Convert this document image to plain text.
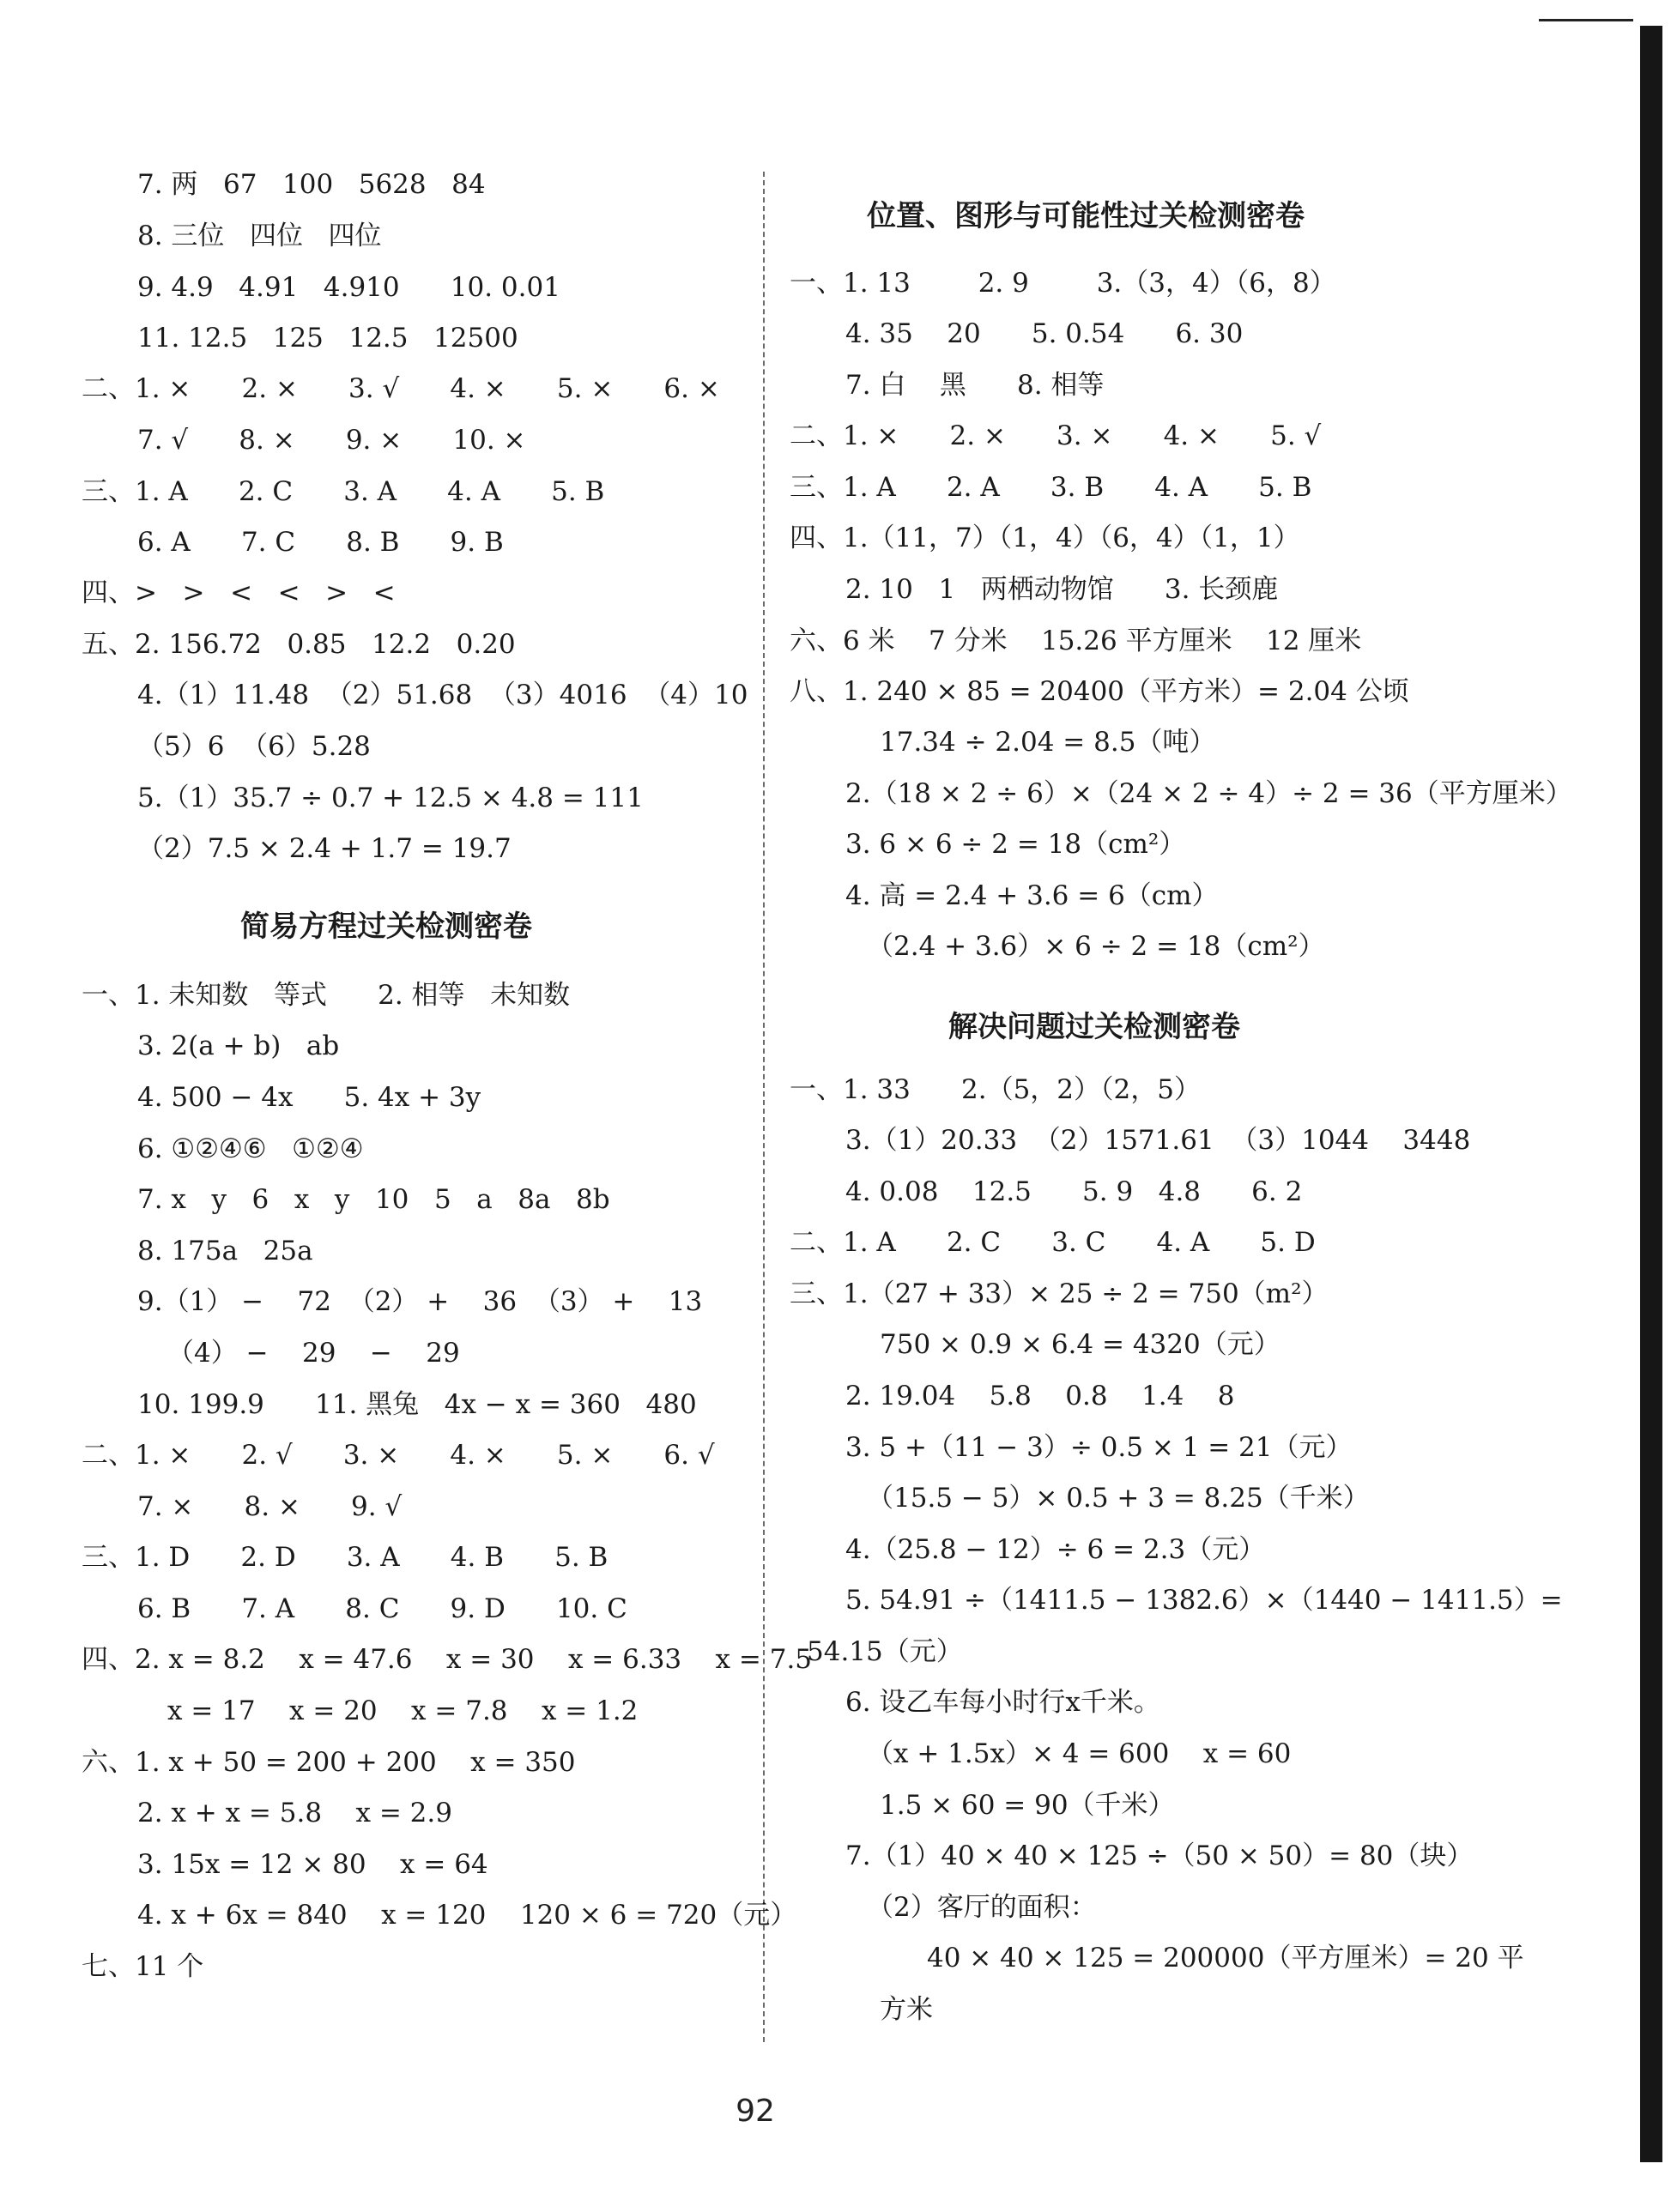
7. 两   67   100   5628   84
8. 三位   四位   四位
9. 4.9   4.91   4.910      10. 0.01
11. 12.5   125   12.5   12500
二、1. ×      2. ×      3. √      4. ×      5. ×      6. ×
7. √      8. ×      9. ×      10. ×
三、1. A      2. C      3. A      4. A      5. B
6. A      7. C      8. B      9. B
四、>   >   <   <   >   <
五、2. 156.72   0.85   12.2   0.20
4.（1）11.48  （2）51.68  （3）4016  （4）10
（5）6  （6）5.28
5.（1）35.7 ÷ 0.7 + 12.5 × 4.8 = 111
（2）7.5 × 2.4 + 1.7 = 19.7
简易方程过关检测密卷
一、1. 未知数   等式      2. 相等   未知数
3. 2(a + b)   ab
4. 500 − 4x      5. 4x + 3y
6. ①②④⑥   ①②④
7. x   y   6   x   y   10   5   a   8a   8b
8. 175a   25a
9.（1） −    72  （2） +    36  （3） +    13
（4） −    29    −    29
10. 199.9      11. 黑兔   4x − x = 360   480
二、1. ×      2. √      3. ×      4. ×      5. ×      6. √
7. ×      8. ×      9. √
三、1. D      2. D      3. A      4. B      5. B
6. B      7. A      8. C      9. D      10. C
四、2. x = 8.2    x = 47.6    x = 30    x = 6.33    x = 7.5
x = 17    x = 20    x = 7.8    x = 1.2
六、1. x + 50 = 200 + 200    x = 350
2. x + x = 5.8    x = 2.9
3. 15x = 12 × 80    x = 64
4. x + 6x = 840    x = 120    120 × 6 = 720（元）
七、11 个
位置、图形与可能性过关检测密卷
一、1. 13        2. 9        3.（3，4）（6，8）
4. 35    20      5. 0.54      6. 30
7. 白    黑      8. 相等
二、1. ×      2. ×      3. ×      4. ×      5. √
三、1. A      2. A      3. B      4. A      5. B
四、1.（11，7）（1，4）（6，4）（1，1）
2. 10   1   两栖动物馆      3. 长颈鹿
六、6 米    7 分米    15.26 平方厘米    12 厘米
八、1. 240 × 85 = 20400（平方米）= 2.04 公顷
17.34 ÷ 2.04 = 8.5（吨）
2.（18 × 2 ÷ 6）×（24 × 2 ÷ 4）÷ 2 = 36（平方厘米）
3. 6 × 6 ÷ 2 = 18（cm²）
4. 高 = 2.4 + 3.6 = 6（cm）
（2.4 + 3.6）× 6 ÷ 2 = 18（cm²）
解决问题过关检测密卷
一、1. 33      2.（5，2）（2，5）
3.（1）20.33  （2）1571.61  （3）1044    3448
4. 0.08    12.5      5. 9   4.8      6. 2
二、1. A      2. C      3. C      4. A      5. D
三、1.（27 + 33）× 25 ÷ 2 = 750（m²）
750 × 0.9 × 6.4 = 4320（元）
2. 19.04    5.8    0.8    1.4    8
3. 5 +（11 − 3）÷ 0.5 × 1 = 21（元）
（15.5 − 5）× 0.5 + 3 = 8.25（千米）
4.（25.8 − 12）÷ 6 = 2.3（元）
5. 54.91 ÷（1411.5 − 1382.6）×（1440 − 1411.5）=
54.15（元）
6. 设乙车每小时行x千米。
（x + 1.5x）× 4 = 600    x = 60
1.5 × 60 = 90（千米）
7.（1）40 × 40 × 125 ÷（50 × 50）= 80（块）
（2）客厅的面积：
40 × 40 × 125 = 200000（平方厘米）= 20 平
方米
92
